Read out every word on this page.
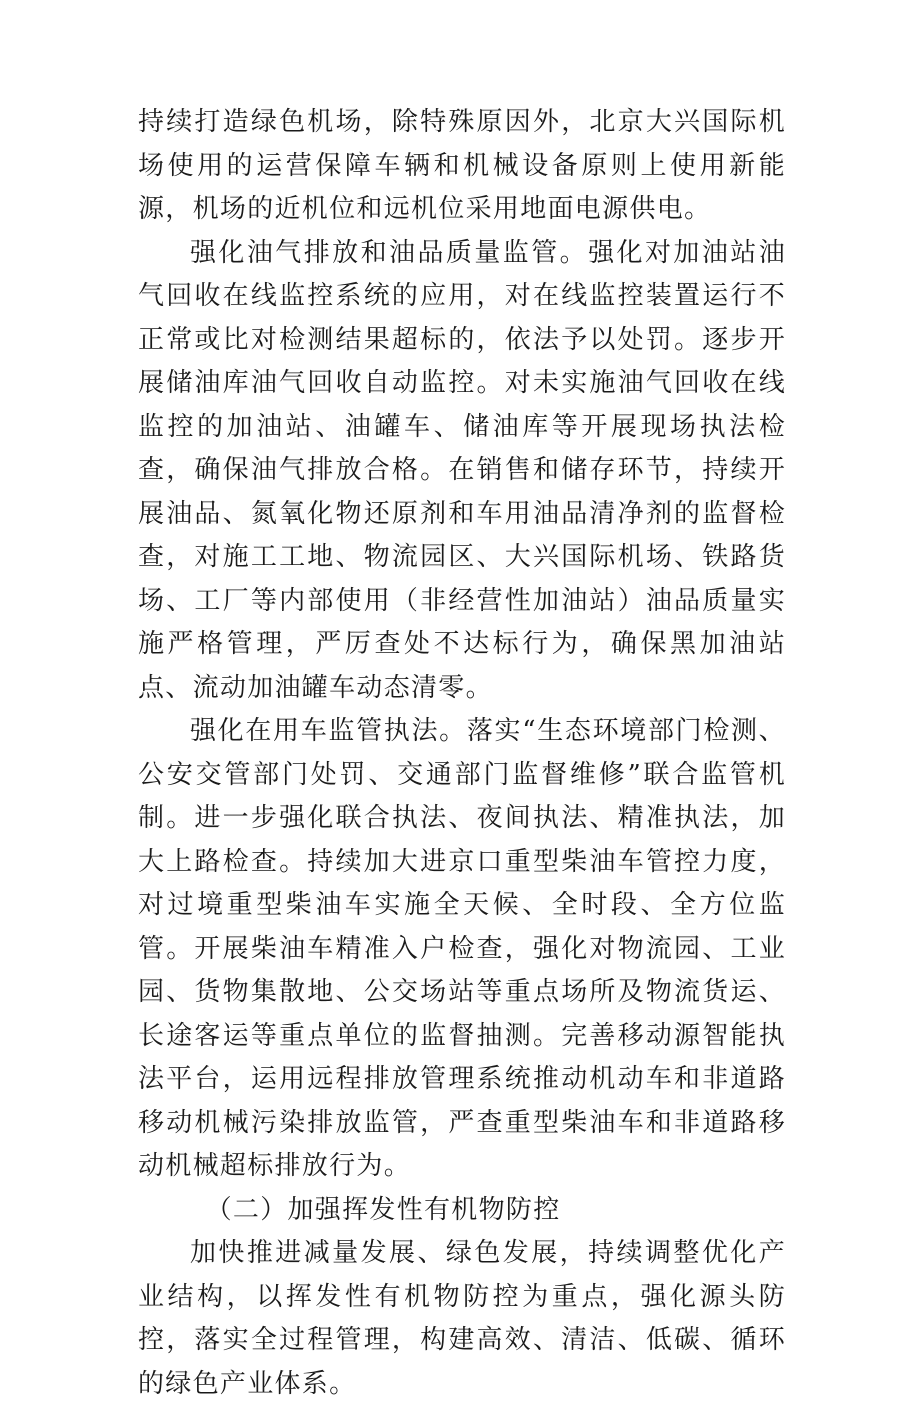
持续打造绿色机场，除特殊原因外，北京大兴国际机场使用的运营保障车辆和机械设备原则上使用新能源，机场的近机位和远机位采用地面电源供电。

强化油气排放和油品质量监管。强化对加油站油气回收在线监控系统的应用，对在线监控装置运行不正常或比对检测结果超标的，依法予以处罚。逐步开展储油库油气回收自动监控。对未实施油气回收在线监控的加油站、油罐车、储油库等开展现场执法检查，确保油气排放合格。在销售和储存环节，持续开展油品、氮氧化物还原剂和车用油品清净剂的监督检查，对施工工地、物流园区、大兴国际机场、铁路货场、工厂等内部使用（非经营性加油站）油品质量实施严格管理，严厉查处不达标行为，确保黑加油站点、流动加油罐车动态清零。

强化在用车监管执法。落实“生态环境部门检测、公安交管部门处罚、交通部门监督维修”联合监管机制。进一步强化联合执法、夜间执法、精准执法，加大上路检查。持续加大进京口重型柴油车管控力度，对过境重型柴油车实施全天候、全时段、全方位监管。开展柴油车精准入户检查，强化对物流园、工业园、货物集散地、公交场站等重点场所及物流货运、长途客运等重点单位的监督抽测。完善移动源智能执法平台，运用远程排放管理系统推动机动车和非道路移动机械污染排放监管，严查重型柴油车和非道路移动机械超标排放行为。

（二）加强挥发性有机物防控

加快推进减量发展、绿色发展，持续调整优化产业结构，以挥发性有机物防控为重点，强化源头防控，落实全过程管理，构建高效、清洁、低碳、循环的绿色产业体系。
